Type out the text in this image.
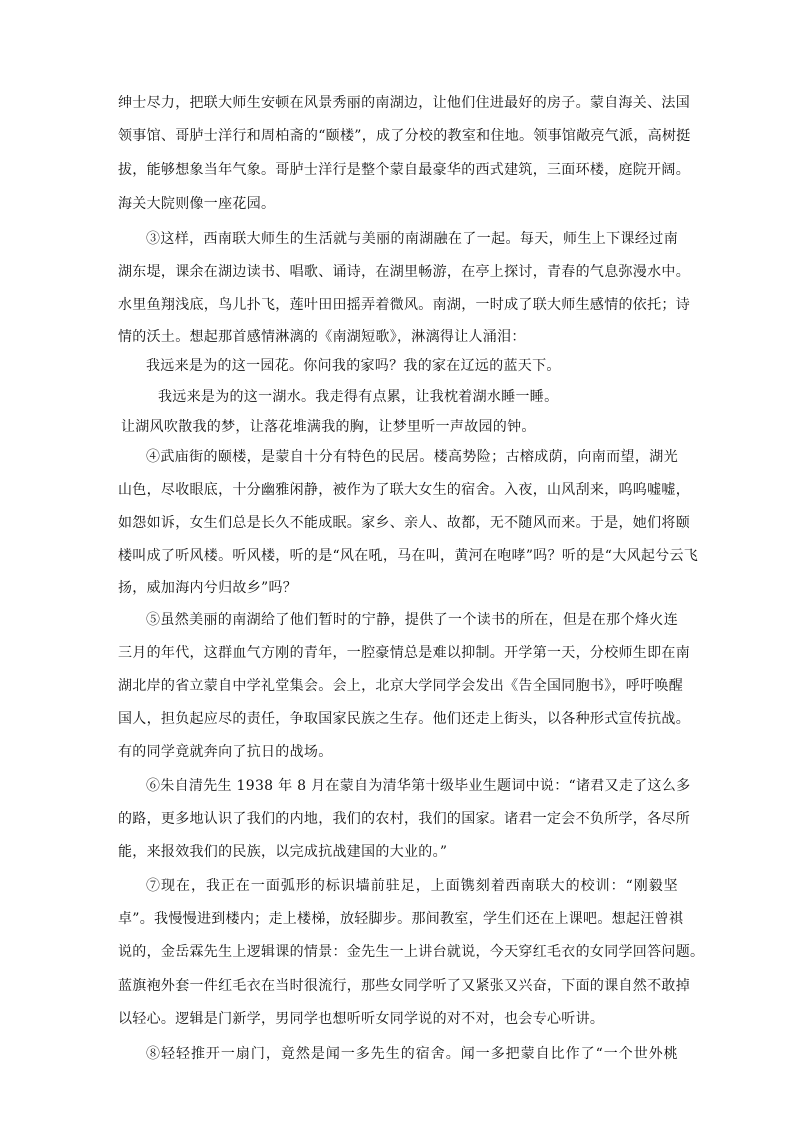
绅士尽力，把联大师生安顿在风景秀丽的南湖边，让他们住进最好的房子。蒙自海关、法国
领事馆、哥胪士洋行和周柏斋的“颐楼”，成了分校的教室和住地。领事馆敞亮气派，高树挺
拔，能够想象当年气象。哥胪士洋行是整个蒙自最豪华的西式建筑，三面环楼，庭院开阔。
海关大院则像一座花园。
③这样，西南联大师生的生活就与美丽的南湖融在了一起。每天，师生上下课经过南
湖东堤，课余在湖边读书、唱歌、诵诗，在湖里畅游，在亭上探讨，青春的气息弥漫水中。
水里鱼翔浅底，鸟儿扑飞，莲叶田田摇弄着微风。南湖，一时成了联大师生感情的依托；诗
情的沃土。想起那首感情淋漓的《南湖短歌》，淋漓得让人涌泪：
我远来是为的这一园花。你问我的家吗？我的家在辽远的蓝天下。
我远来是为的这一湖水。我走得有点累，让我枕着湖水睡一睡。
让湖风吹散我的梦，让落花堆满我的胸，让梦里听一声故园的钟。
④武庙街的颐楼，是蒙自十分有特色的民居。楼高势险；古榕成荫，向南而望，湖光
山色，尽收眼底，十分幽雅闲静，被作为了联大女生的宿舍。入夜，山风刮来，呜呜嘘嘘，
如怨如诉，女生们总是长久不能成眠。家乡、亲人、故都，无不随风而来。于是，她们将颐
楼叫成了听风楼。听风楼，听的是“风在吼，马在叫，黄河在咆哮”吗？听的是“大风起兮云飞
扬，威加海内兮归故乡”吗？
⑤虽然美丽的南湖给了他们暂时的宁静，提供了一个读书的所在，但是在那个烽火连
三月的年代，这群血气方刚的青年，一腔豪情总是难以抑制。开学第一天，分校师生即在南
湖北岸的省立蒙自中学礼堂集会。会上，北京大学同学会发出《告全国同胞书》，呼吁唤醒
国人，担负起应尽的责任，争取国家民族之生存。他们还走上街头，以各种形式宣传抗战。
有的同学竟就奔向了抗日的战场。
⑥朱自清先生 1938 年 8 月在蒙自为清华第十级毕业生题词中说：“诸君又走了这么多
的路，更多地认识了我们的内地，我们的农村，我们的国家。诸君一定会不负所学，各尽所
能，来报效我们的民族，以完成抗战建国的大业的。”
⑦现在，我正在一面弧形的标识墙前驻足，上面镌刻着西南联大的校训：“刚毅坚
卓”。我慢慢进到楼内；走上楼梯，放轻脚步。那间教室，学生们还在上课吧。想起汪曾祺
说的，金岳霖先生上逻辑课的情景：金先生一上讲台就说，今天穿红毛衣的女同学回答问题。
蓝旗袍外套一件红毛衣在当时很流行，那些女同学听了又紧张又兴奋，下面的课自然不敢掉
以轻心。逻辑是门新学，男同学也想听听女同学说的对不对，也会专心听讲。
⑧轻轻推开一扇门，竟然是闻一多先生的宿舍。闻一多把蒙自比作了“一个世外桃
